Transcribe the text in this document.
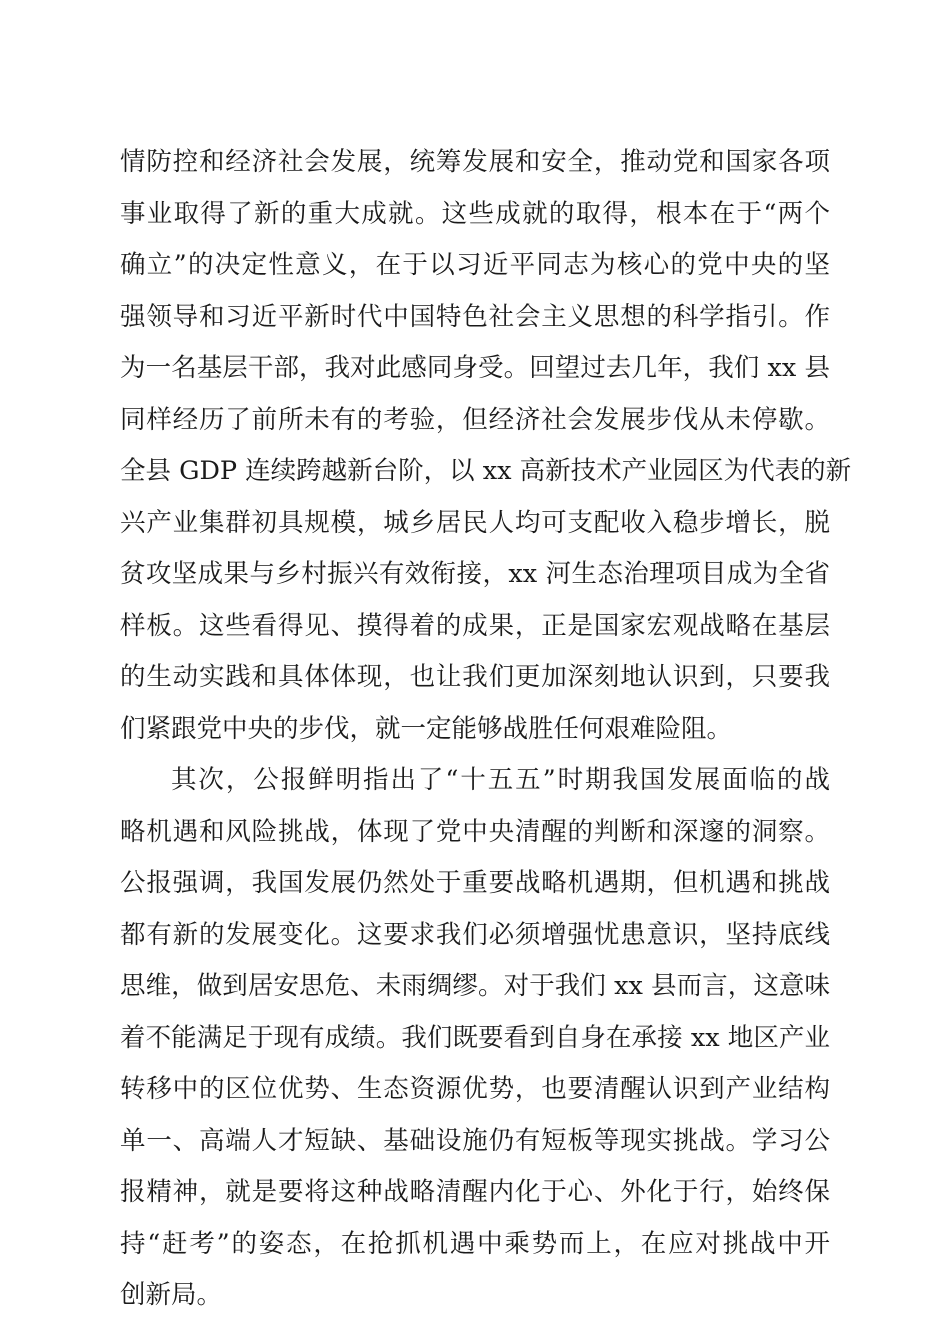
情防控和经济社会发展，统筹发展和安全，推动党和国家各项
事业取得了新的重大成就。这些成就的取得，根本在于“两个
确立”的决定性意义，在于以习近平同志为核心的党中央的坚
强领导和习近平新时代中国特色社会主义思想的科学指引。作
为一名基层干部，我对此感同身受。回望过去几年，我们 xx 县
同样经历了前所未有的考验，但经济社会发展步伐从未停歇。
全县 GDP 连续跨越新台阶，以 xx 高新技术产业园区为代表的新
兴产业集群初具规模，城乡居民人均可支配收入稳步增长，脱
贫攻坚成果与乡村振兴有效衔接，xx 河生态治理项目成为全省
样板。这些看得见、摸得着的成果，正是国家宏观战略在基层
的生动实践和具体体现，也让我们更加深刻地认识到，只要我
们紧跟党中央的步伐，就一定能够战胜任何艰难险阻。
其次，公报鲜明指出了“十五五”时期我国发展面临的战
略机遇和风险挑战，体现了党中央清醒的判断和深邃的洞察。
公报强调，我国发展仍然处于重要战略机遇期，但机遇和挑战
都有新的发展变化。这要求我们必须增强忧患意识，坚持底线
思维，做到居安思危、未雨绸缪。对于我们 xx 县而言，这意味
着不能满足于现有成绩。我们既要看到自身在承接 xx 地区产业
转移中的区位优势、生态资源优势，也要清醒认识到产业结构
单一、高端人才短缺、基础设施仍有短板等现实挑战。学习公
报精神，就是要将这种战略清醒内化于心、外化于行，始终保
持“赶考”的姿态，在抢抓机遇中乘势而上，在应对挑战中开
创新局。
